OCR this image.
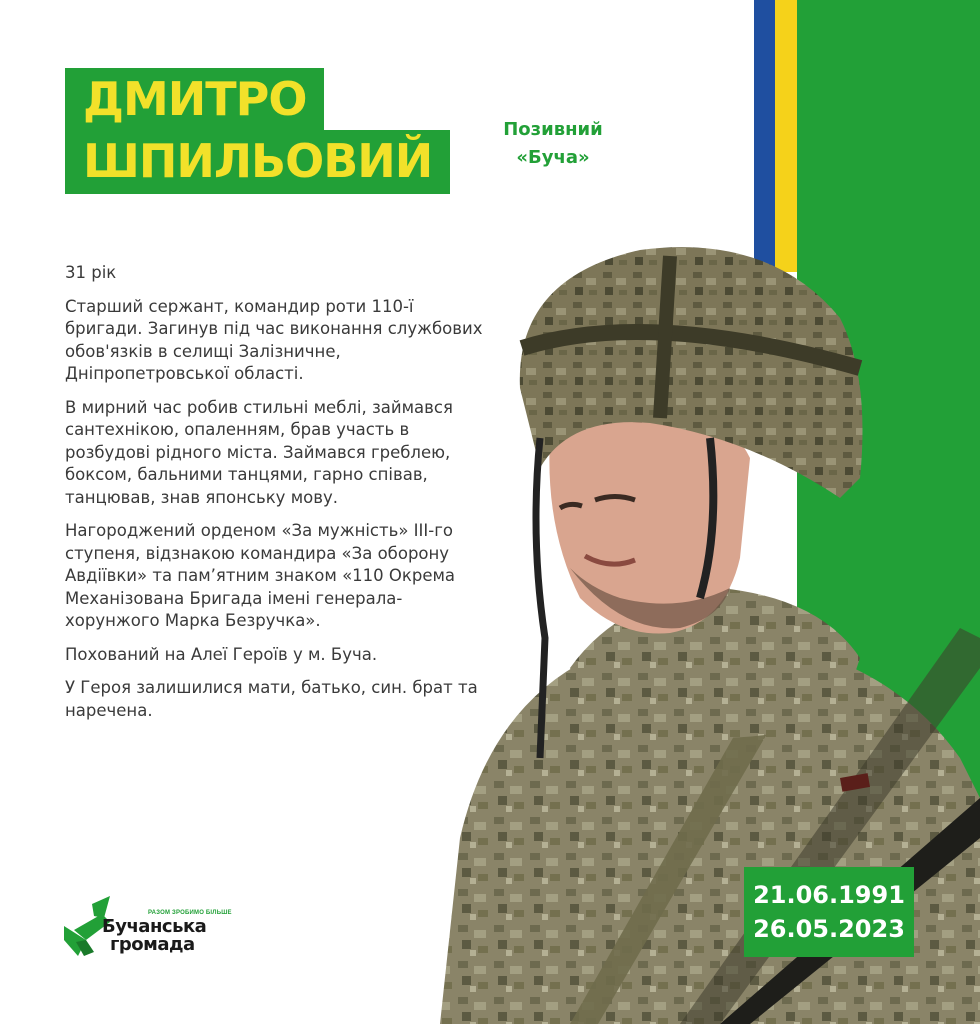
ДМИТРО
ШПИЛЬОВИЙ
Позивний
«Буча»

31 рік

Старший сержант, командир роти 110-ї бригади. Загинув під час виконання службових обов'язків в селищі Залізничне, Дніпропетровської області.

В мирний час робив стильні меблі, займався сантехнікою, опаленням, брав участь в розбудові рідного міста. Займався греблею, боксом, бальними танцями, гарно співав, танцював, знав японську мову.

Нагороджений орденом «За мужність» ІІІ-го ступеня, відзнакою командира «За оборону Авдіївки» та пам’ятним знаком «110 Окрема Механізована Бригада імені генерала-хорунжого Марка Безручка».

Похований на Алеї Героїв у м. Буча.

У Героя залишилися мати, батько, син. брат та наречена.

21.06.1991
26.05.2023
РАЗОМ ЗРОБИМО БІЛЬШЕ
Бучанська
громада
